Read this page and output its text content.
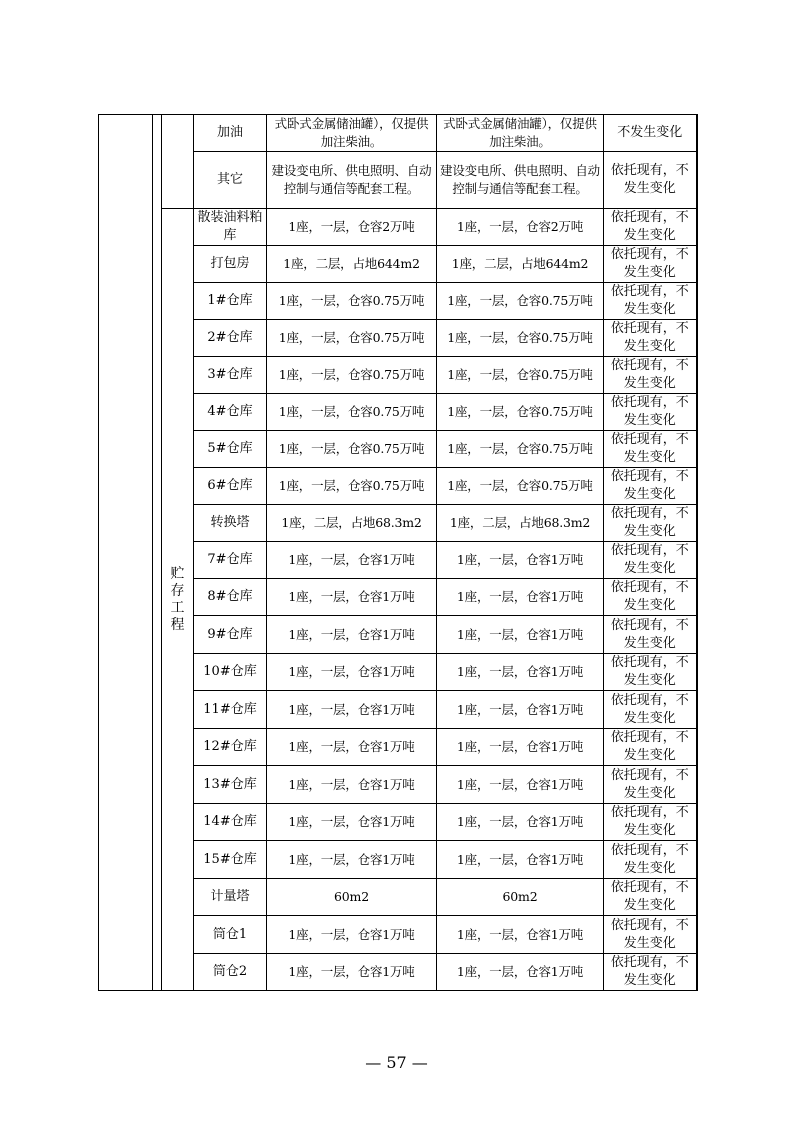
			加油	式卧式金属储油罐），仅提供加注柴油。	式卧式金属储油罐），仅提供加注柴油。	不发生变化
			其它	建设变电所、供电照明、自动控制与通信等配套工程。	建设变电所、供电照明、自动控制与通信等配套工程。	依托现有，不发生变化
		贮存工程	散装油料粕库	1座，一层，仓容2万吨	1座，一层，仓容2万吨	依托现有，不发生变化
			打包房	1座，二层，占地644m2	1座，二层，占地644m2	依托现有，不发生变化
			1#仓库	1座，一层，仓容0.75万吨	1座，一层，仓容0.75万吨	依托现有，不发生变化
			2#仓库	1座，一层，仓容0.75万吨	1座，一层，仓容0.75万吨	依托现有，不发生变化
			3#仓库	1座，一层，仓容0.75万吨	1座，一层，仓容0.75万吨	依托现有，不发生变化
			4#仓库	1座，一层，仓容0.75万吨	1座，一层，仓容0.75万吨	依托现有，不发生变化
			5#仓库	1座，一层，仓容0.75万吨	1座，一层，仓容0.75万吨	依托现有，不发生变化
			6#仓库	1座，一层，仓容0.75万吨	1座，一层，仓容0.75万吨	依托现有，不发生变化
			转换塔	1座，二层，占地68.3m2	1座，二层，占地68.3m2	依托现有，不发生变化
			7#仓库	1座，一层，仓容1万吨	1座，一层，仓容1万吨	依托现有，不发生变化
			8#仓库	1座，一层，仓容1万吨	1座，一层，仓容1万吨	依托现有，不发生变化
			9#仓库	1座，一层，仓容1万吨	1座，一层，仓容1万吨	依托现有，不发生变化
			10#仓库	1座，一层，仓容1万吨	1座，一层，仓容1万吨	依托现有，不发生变化
			11#仓库	1座，一层，仓容1万吨	1座，一层，仓容1万吨	依托现有，不发生变化
			12#仓库	1座，一层，仓容1万吨	1座，一层，仓容1万吨	依托现有，不发生变化
			13#仓库	1座，一层，仓容1万吨	1座，一层，仓容1万吨	依托现有，不发生变化
			14#仓库	1座，一层，仓容1万吨	1座，一层，仓容1万吨	依托现有，不发生变化
			15#仓库	1座，一层，仓容1万吨	1座，一层，仓容1万吨	依托现有，不发生变化
			计量塔	60m2	60m2	依托现有，不发生变化
			筒仓1	1座，一层，仓容1万吨	1座，一层，仓容1万吨	依托现有，不发生变化
			筒仓2	1座，一层，仓容1万吨	1座，一层，仓容1万吨	依托现有，不发生变化
— 57 —
